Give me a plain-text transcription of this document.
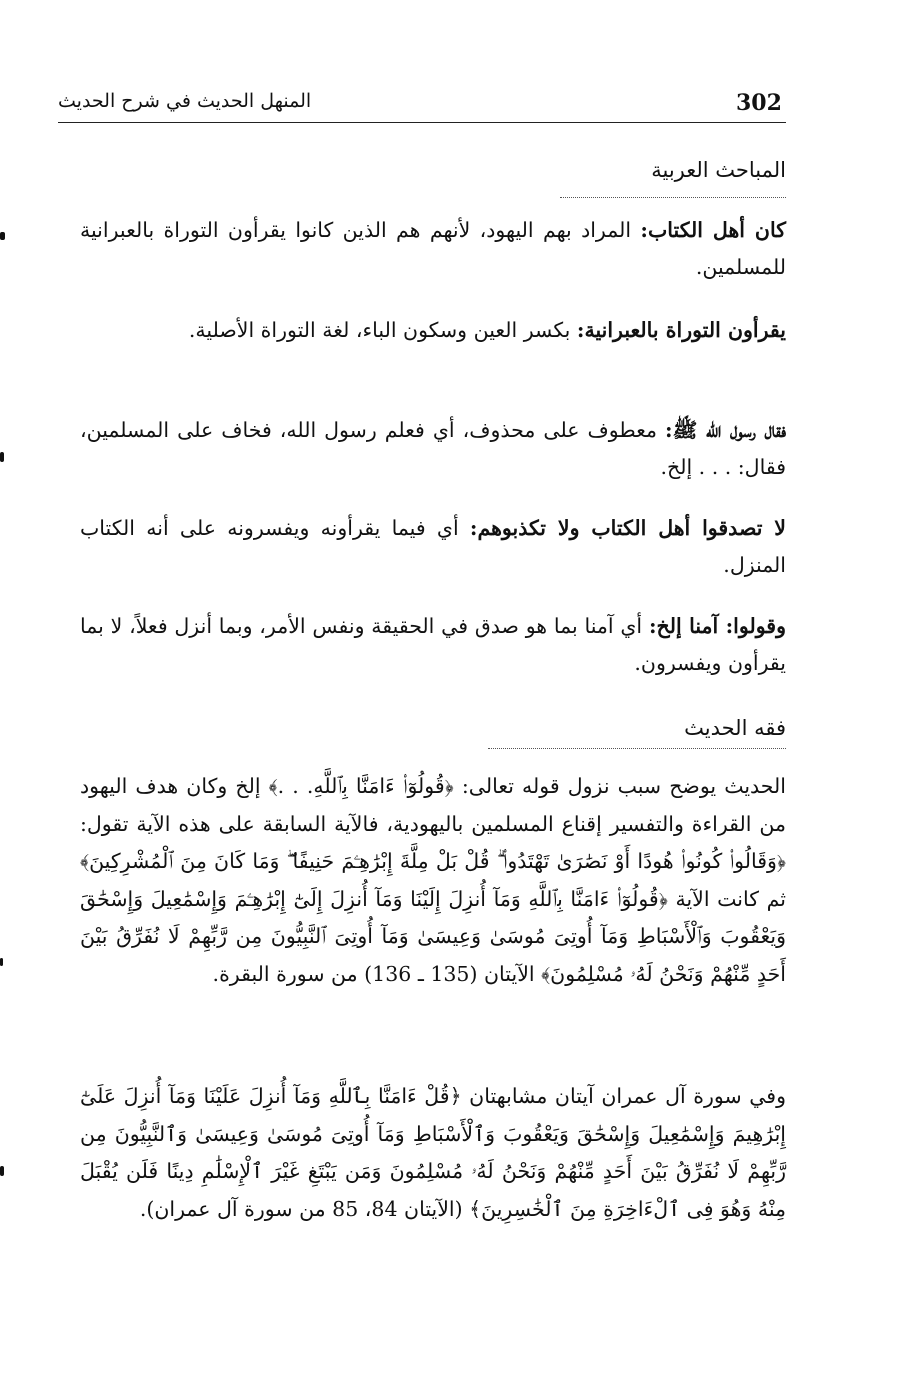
302
المنهل الحديث في شرح الحديث
المباحث العربية
كان أهل الكتاب: المراد بهم اليهود، لأنهم هم الذين كانوا يقرأون التوراة بالعبرانية للمسلمين.
يقرأون التوراة بالعبرانية: بكسر العين وسكون الباء، لغة التوراة الأصلية.
فقال رسول الله ﷺ: معطوف على محذوف، أي فعلم رسول الله، فخاف على المسلمين، فقال: . . . إلخ.
لا تصدقوا أهل الكتاب ولا تكذبوهم: أي فيما يقرأونه ويفسرونه على أنه الكتاب المنزل.
وقولوا: آمنا إلخ: أي آمنا بما هو صدق في الحقيقة ونفس الأمر، وبما أنزل فعلاً، لا بما يقرأون ويفسرون.
فقه الحديث
الحديث يوضح سبب نزول قوله تعالى: ﴿قُولُوٓا۟ ءَامَنَّا بِٱللَّهِ. . .﴾ إلخ وكان هدف اليهود من القراءة والتفسير إقناع المسلمين باليهودية، فالآية السابقة على هذه الآية تقول: ﴿وَقَالُوا۟ كُونُوا۟ هُودًا أَوْ نَصَٰرَىٰ تَهْتَدُوا۟ ۗ قُلْ بَلْ مِلَّةَ إِبْرَٰهِـۧمَ حَنِيفًا ۖ وَمَا كَانَ مِنَ ٱلْمُشْرِكِينَ﴾ ثم كانت الآية ﴿قُولُوٓا۟ ءَامَنَّا بِٱللَّهِ وَمَآ أُنزِلَ إِلَيْنَا وَمَآ أُنزِلَ إِلَىٰٓ إِبْرَٰهِـۧمَ وَإِسْمَٰعِيلَ وَإِسْحَٰقَ وَيَعْقُوبَ وَٱلْأَسْبَاطِ وَمَآ أُوتِىَ مُوسَىٰ وَعِيسَىٰ وَمَآ أُوتِىَ ٱلنَّبِيُّونَ مِن رَّبِّهِمْ لَا نُفَرِّقُ بَيْنَ أَحَدٍ مِّنْهُمْ وَنَحْنُ لَهُۥ مُسْلِمُونَ﴾ الآيتان (135 ـ 136) من سورة البقرة.
وفي سورة آل عمران آيتان مشابهتان ﴿قُلْ ءَامَنَّا بِٱللَّهِ وَمَآ أُنزِلَ عَلَيْنَا وَمَآ أُنزِلَ عَلَىٰٓ إِبْرَٰهِيمَ وَإِسْمَٰعِيلَ وَإِسْحَٰقَ وَيَعْقُوبَ وَٱلْأَسْبَاطِ وَمَآ أُوتِىَ مُوسَىٰ وَعِيسَىٰ وَٱلنَّبِيُّونَ مِن رَّبِّهِمْ لَا نُفَرِّقُ بَيْنَ أَحَدٍ مِّنْهُمْ وَنَحْنُ لَهُۥ مُسْلِمُونَ وَمَن يَبْتَغِ غَيْرَ ٱلْإِسْلَٰمِ دِينًا فَلَن يُقْبَلَ مِنْهُ وَهُوَ فِى ٱلْءَاخِرَةِ مِنَ ٱلْخَٰسِرِينَ﴾ (الآيتان 84، 85 من سورة آل عمران).
